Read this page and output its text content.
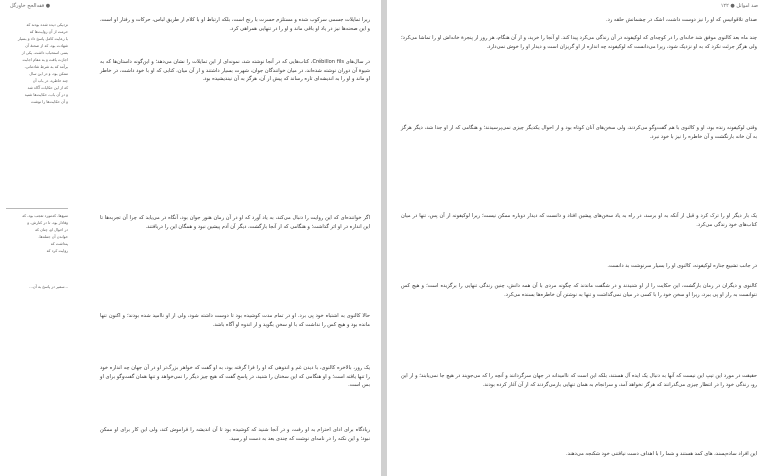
● فقه‌الحج خاورگل

نزدیکی دیده شده بودند که

حرمت از آن روایت‌ها که

با رعایت کامل پاسخ داد و بسیار

شهادت بود، که از صحنهٔ آن

بسی استحباب داشت، یکی از

اجازت یافت و به مقام اجابت

برآمد که به شرط شادمانی،

ممکن بود، و در این سال

چند خاطره، در باب آن

که از این حکایات آگاه شد

و در آن باب، حکایت‌ها شنید

و آن حکایت‌ها را نوشت

منبع‌ها، که‌مورد تعجب بود، که

وفادار بود، تا در کنارش، و

در احوال او، چنان که

خواندن آن جمله‌ها،

پنداشت که

روایت کرد که

...سفیر در پاسخ به آن...

زیرا تمایلات جسمی سرکوب شده و مستلزم حسرت با رنج است، بلکه ارتباط او با کلام از طریق لباس، حرکات و رفتار او است، و این صحنه‌ها نیز در یاد او باقی ماند و او را در تنهایی همراهی کرد.

در سال‌های Crébillon fils، کتاب‌هایی که در آنجا نوشته شد، نمونه‌ای از این تمایلات را نشان می‌دهد؛ و این‌گونه داستان‌ها که به شیوهٔ آن دوران نوشته شده‌اند، در میان خوانندگان جوان، شهرت بسیار داشتند و از آن میان، کتابی که او با خود داشت، در خاطر او ماند و او را به اندیشه‌ای تازه رساند که پیش از آن، هرگز به آن نیندیشیده بود.

اگر خواننده‌ای که این روایت را دنبال می‌کند، به یاد آورد که او در آن زمان هنوز جوان بود، آنگاه در می‌یابد که چرا آن تجربه‌ها تا این اندازه در او اثر گذاشت؛ و هنگامی که از آنجا بازگشت، دیگر آن آدم پیشین نبود و همگان این را دریافتند.

حالا کالنوی به اشتباه خود پی برد. او در تمام مدت کوشیده بود تا دوست داشته شود، ولی از او ناامید شده بودند؛ و اکنون تنها مانده بود و هیچ کس را نداشت که با او سخن بگوید و از اندوه او آگاه باشد.

یک روز، بالاخره کالنوی، با دیدن غم و اندوهی که او را فرا گرفته بود، به او گفت که خواهر بزرگ‌تر او در آن جهان چه اندازه خود را تنها یافته است؛ و او هنگامی که این سخنان را شنید، در پاسخ گفت که هیچ چیز دیگر را نمی‌خواهد و تنها همان گفت‌وگو برای او بس است.

زیادگاه برای ادای احترام به او رفت، و در آنجا شنید که کوشیده بود تا آن اندیشه را فراموش کند، ولی این کار برای او ممکن نبود؛ و این نکته را در نامه‌ای نوشت که چندی بعد به دست او رسید.

صد امواتل ● ۱۲۲

صدای تلاقوانیس که او را نیز دوست داشت، اشک در چشمانش حلقه زد.

چند ماه بعد کالنوی موفق شد خانه‌ای را در کوچه‌ای که لوکیفونه در آن زندگی می‌کرد پیدا کند. او آنجا را خرید، و از آن هنگام، هر روز از پنجرهٔ خانه‌اش او را تماشا می‌کرد؛ ولی هرگز جرئت نکرد که به او نزدیک شود، زیرا می‌دانست که لوکیفونه چه اندازه از او گریزان است و دیدار او را خوش نمی‌دارد.

وقتی لوکیفونه زنده بود، او و کالنوی با هم گفت‌وگو می‌کردند، ولی سخن‌های آنان کوتاه بود و از احوال یکدیگر چیزی نمی‌پرسیدند؛ و هنگامی که از او جدا شد، دیگر هرگز به آن خانه بازنگشت و آن خاطره را نیز با خود نبرد.

یک بار دیگر او را ترک کرد و قبل از آنکه به او برسد، در راه به یاد سخن‌های پیشین افتاد و دانست که دیدار دوباره ممکن نیست؛ زیرا لوکیفونه از آن پس، تنها در میان کتاب‌های خود زندگی می‌کرد.

در جانب تشییع جنازه لوکیفونه، کالنوی او را بسیار سرنوشت بد دانست.

کالنوی و دیگران در زمان بازگشت، این حکایت را از او شنیدند و در شگفت ماندند که چگونه مردی با آن همه دانش، چنین زندگی تنهایی را برگزیده است؛ و هیچ کس نتوانست به راز او پی ببرد، زیرا او سخن خود را با کسی در میان نمی‌گذاشت و تنها به نوشتن آن خاطره‌ها بسنده می‌کرد.

حقیقت در مورد این تیپ این نیست که آنها به دنبال یک ایده آل هستند، بلکه این است که ناامیدانه در جهان سرگردانند و آنچه را که می‌جویند در هیچ جا نمی‌یابند؛ و از این رو، زندگی خود را در انتظار چیزی می‌گذرانند که هرگز نخواهد آمد، و سرانجام به همان تنهایی بازمی‌گردند که از آن آغاز کرده بودند.

این افراد ساده‌پسند، های کمد هستند و شما را با اهداف دست نیافتنی خود شکنجه می‌دهند.
